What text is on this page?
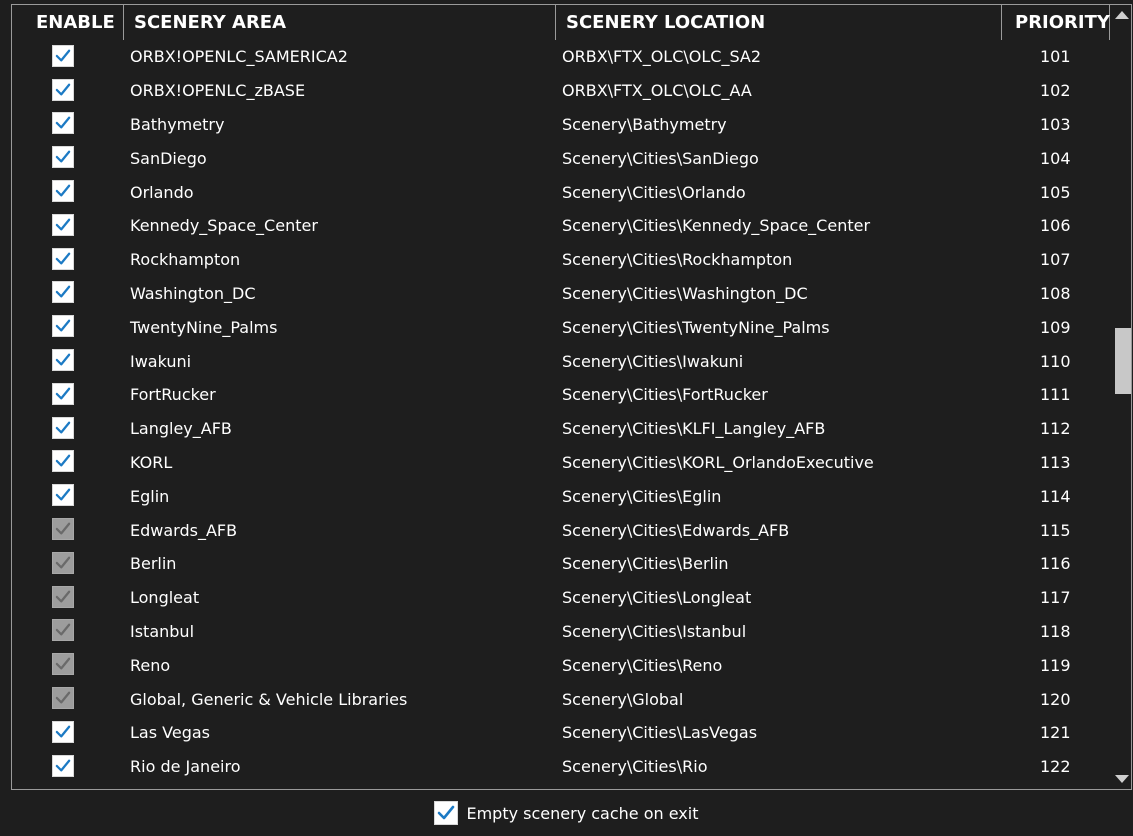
ENABLE	SCENERY AREA	SCENERY LOCATION	PRIORITY
ORBX!OPENLC_SAMERICA2	ORBX\FTX_OLC\OLC_SA2	101
ORBX!OPENLC_zBASE	ORBX\FTX_OLC\OLC_AA	102
Bathymetry	Scenery\Bathymetry	103
SanDiego	Scenery\Cities\SanDiego	104
Orlando	Scenery\Cities\Orlando	105
Kennedy_Space_Center	Scenery\Cities\Kennedy_Space_Center	106
Rockhampton	Scenery\Cities\Rockhampton	107
Washington_DC	Scenery\Cities\Washington_DC	108
TwentyNine_Palms	Scenery\Cities\TwentyNine_Palms	109
Iwakuni	Scenery\Cities\Iwakuni	110
FortRucker	Scenery\Cities\FortRucker	111
Langley_AFB	Scenery\Cities\KLFI_Langley_AFB	112
KORL	Scenery\Cities\KORL_OrlandoExecutive	113
Eglin	Scenery\Cities\Eglin	114
Edwards_AFB	Scenery\Cities\Edwards_AFB	115
Berlin	Scenery\Cities\Berlin	116
Longleat	Scenery\Cities\Longleat	117
Istanbul	Scenery\Cities\Istanbul	118
Reno	Scenery\Cities\Reno	119
Global, Generic & Vehicle Libraries	Scenery\Global	120
Las Vegas	Scenery\Cities\LasVegas	121
Rio de Janeiro	Scenery\Cities\Rio	122
Empty scenery cache on exit
